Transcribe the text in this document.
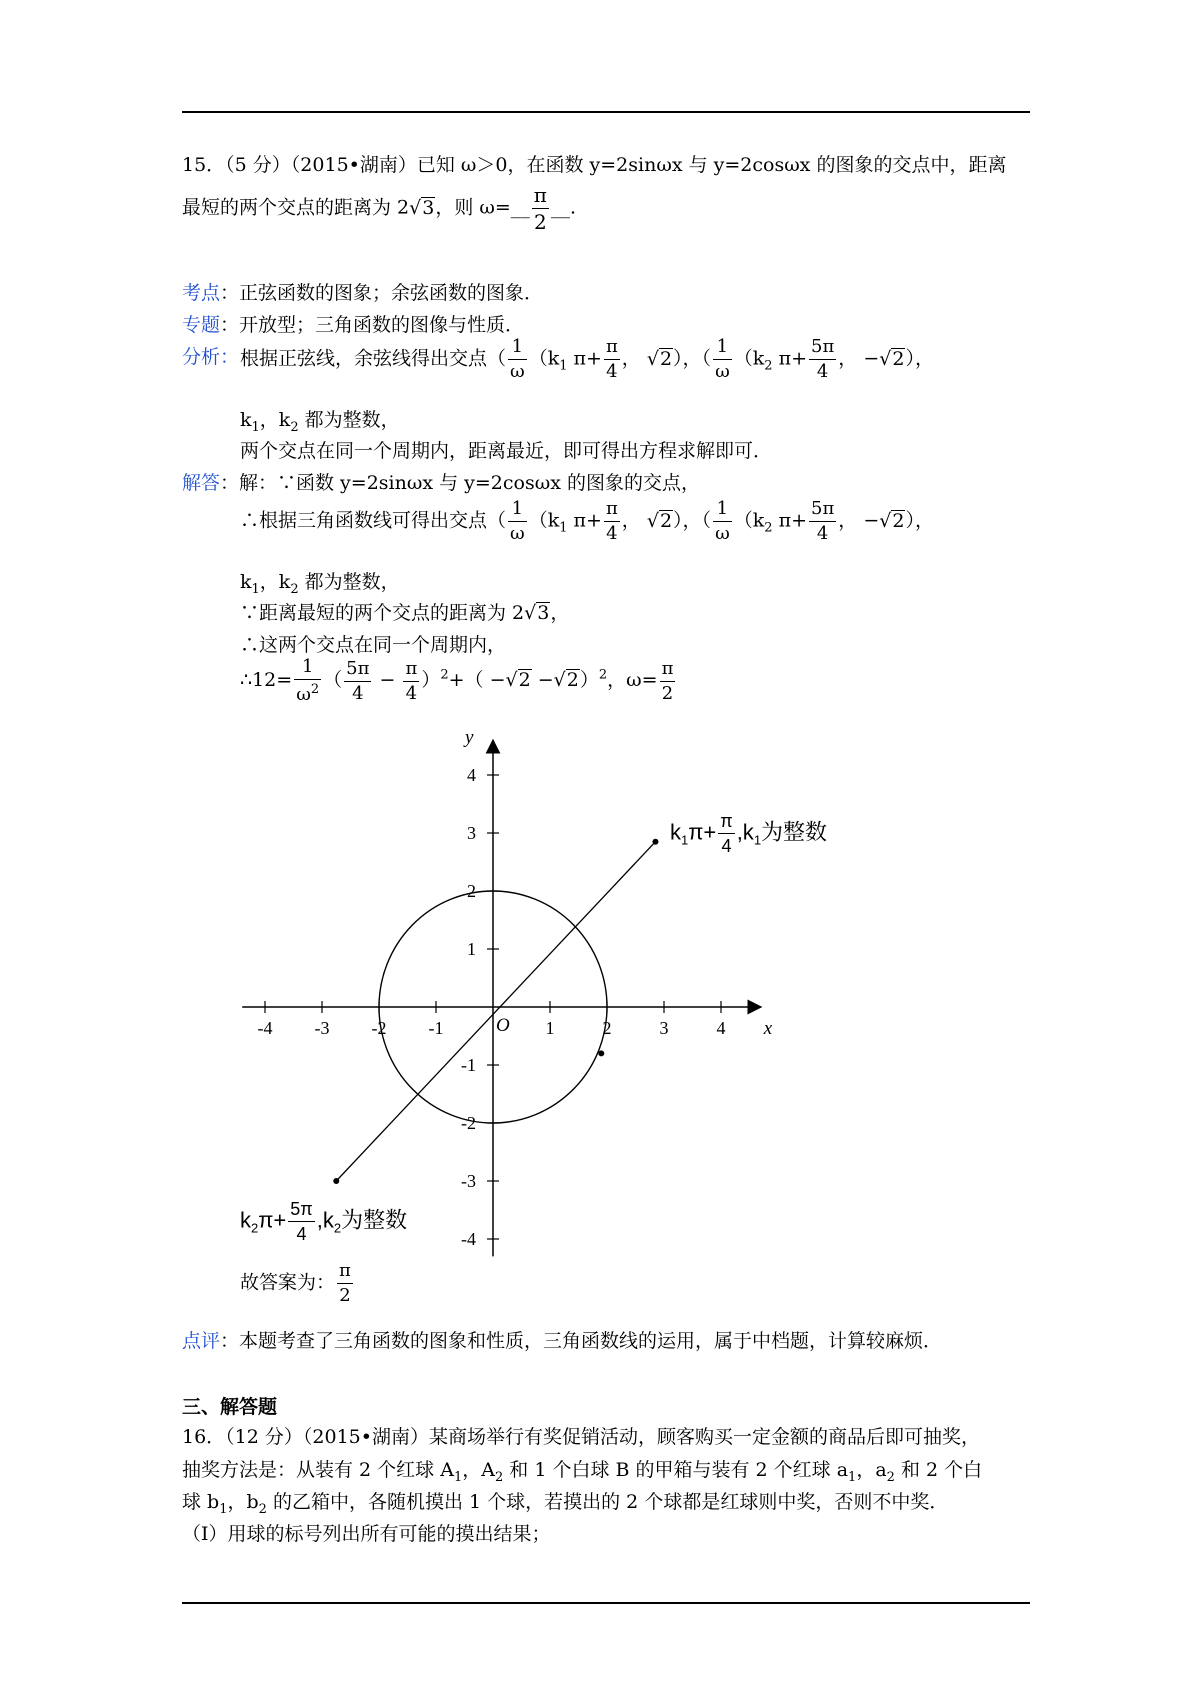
15．（5 分）（2015•湖南）已知 ω＞0，在函数 y=2sinωx 与 y=2cosωx 的图象的交点中，距离
最短的两个交点的距离为 2√3，则 ω=__ $\frac{\pi}{2}$ __.
考点：正弦函数的图象；余弦函数的图象．
专题：开放型；三角函数的图像与性质．
分析： 根据正弦线，余弦线得出交点（ $\frac{1}{\omega} (k_1$ $\pi+ \frac{\pi}{4}$ ， √2），（ $\frac{1}{\omega} (k_2$ $\pi+ \frac{5\pi}{4}$ ， −√2），
$k_1$，$k_2$ 都为整数，
两个交点在同一个周期内，距离最近，即可得出方程求解即可．
解答：解：∵函数 y=2sinωx 与 y=2cosωx 的图象的交点，
∴根据三角函数线可得出交点（ $\frac{1}{\omega} (k_1$ $\pi+ \frac{\pi}{4}$ ， √2），（ $\frac{1}{\omega} (k_2$ $\pi+ \frac{5\pi}{4}$ ， −√2），
$k_1$，$k_2$ 都为整数，
∵距离最短的两个交点的距离为 2√3，
∴这两个交点在同一个周期内，
∴12= $\frac{1}{\omega^2}$ （ $\frac{5\pi}{4} - \frac{\pi}{4} )^2+( -√2 -√2)^2$，$\omega= \frac{\pi}{2}$
-4 -3 -2 -1	1	2	3	4
4
3
2
1
-1
-2
-3
-4
x
y
O
$k_1\pi+ \frac{\pi}{4} ,k_1$为整数
$k_2\pi+ \frac{5\pi}{4} ,k_2$为整数
故答案为： $\frac{\pi}{2}$
点评：本题考查了三角函数的图象和性质，三角函数线的运用，属于中档题，计算较麻烦．
三、解答题
16．（12 分）（2015•湖南）某商场举行有奖促销活动，顾客购买一定金额的商品后即可抽奖，
抽奖方法是：从装有 2 个红球 $A_1$，$A_2$ 和 1 个白球 B 的甲箱与装有 2 个红球 $a_1$，$a_2$ 和 2 个白
球 $b_1$，$b_2$ 的乙箱中，各随机摸出 1 个球，若摸出的 2 个球都是红球则中奖，否则不中奖．
（Ⅰ）用球的标号列出所有可能的摸出结果；
